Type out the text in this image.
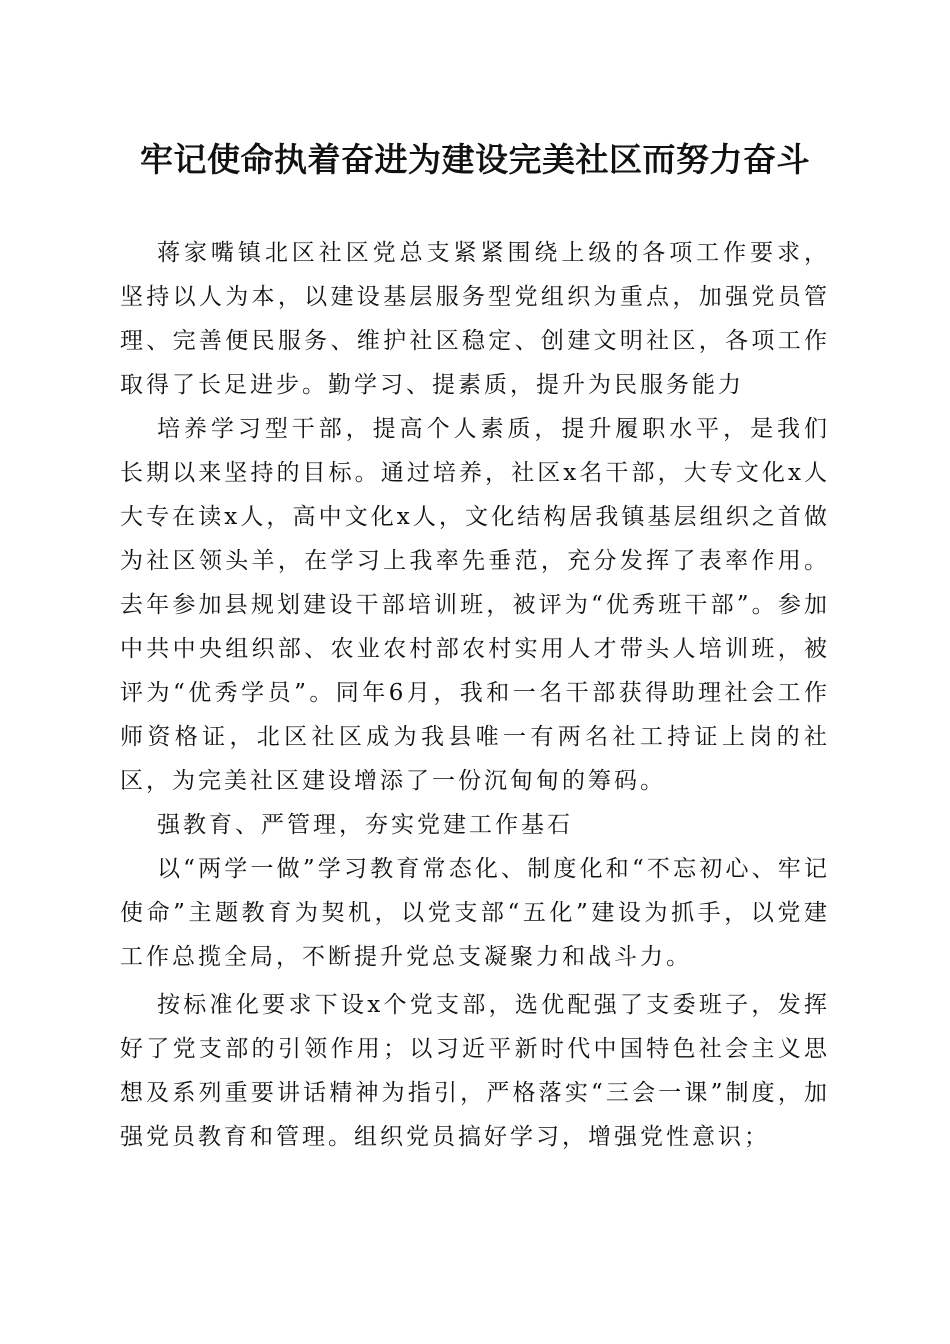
牢记使命执着奋进为建设完美社区而努力奋斗

蒋家嘴镇北区社区党总支紧紧围绕上级的各项工作要求，坚持以人为本，以建设基层服务型党组织为重点，加强党员管理、完善便民服务、维护社区稳定、创建文明社区，各项工作取得了长足进步。勤学习、提素质，提升为民服务能力

培养学习型干部，提高个人素质，提升履职水平，是我们长期以来坚持的目标。通过培养，社区x名干部，大专文化x人大专在读x人，高中文化x人，文化结构居我镇基层组织之首做为社区领头羊，在学习上我率先垂范，充分发挥了表率作用。去年参加县规划建设干部培训班，被评为“优秀班干部”。参加中共中央组织部、农业农村部农村实用人才带头人培训班，被评为“优秀学员”。同年6月，我和一名干部获得助理社会工作师资格证，北区社区成为我县唯一有两名社工持证上岗的社区，为完美社区建设增添了一份沉甸甸的筹码。

强教育、严管理，夯实党建工作基石

以“两学一做”学习教育常态化、制度化和“不忘初心、牢记使命”主题教育为契机，以党支部“五化”建设为抓手，以党建工作总揽全局，不断提升党总支凝聚力和战斗力。

按标准化要求下设x个党支部，选优配强了支委班子，发挥好了党支部的引领作用；以习近平新时代中国特色社会主义思想及系列重要讲话精神为指引，严格落实“三会一课”制度，加强党员教育和管理。组织党员搞好学习，增强党性意识；
